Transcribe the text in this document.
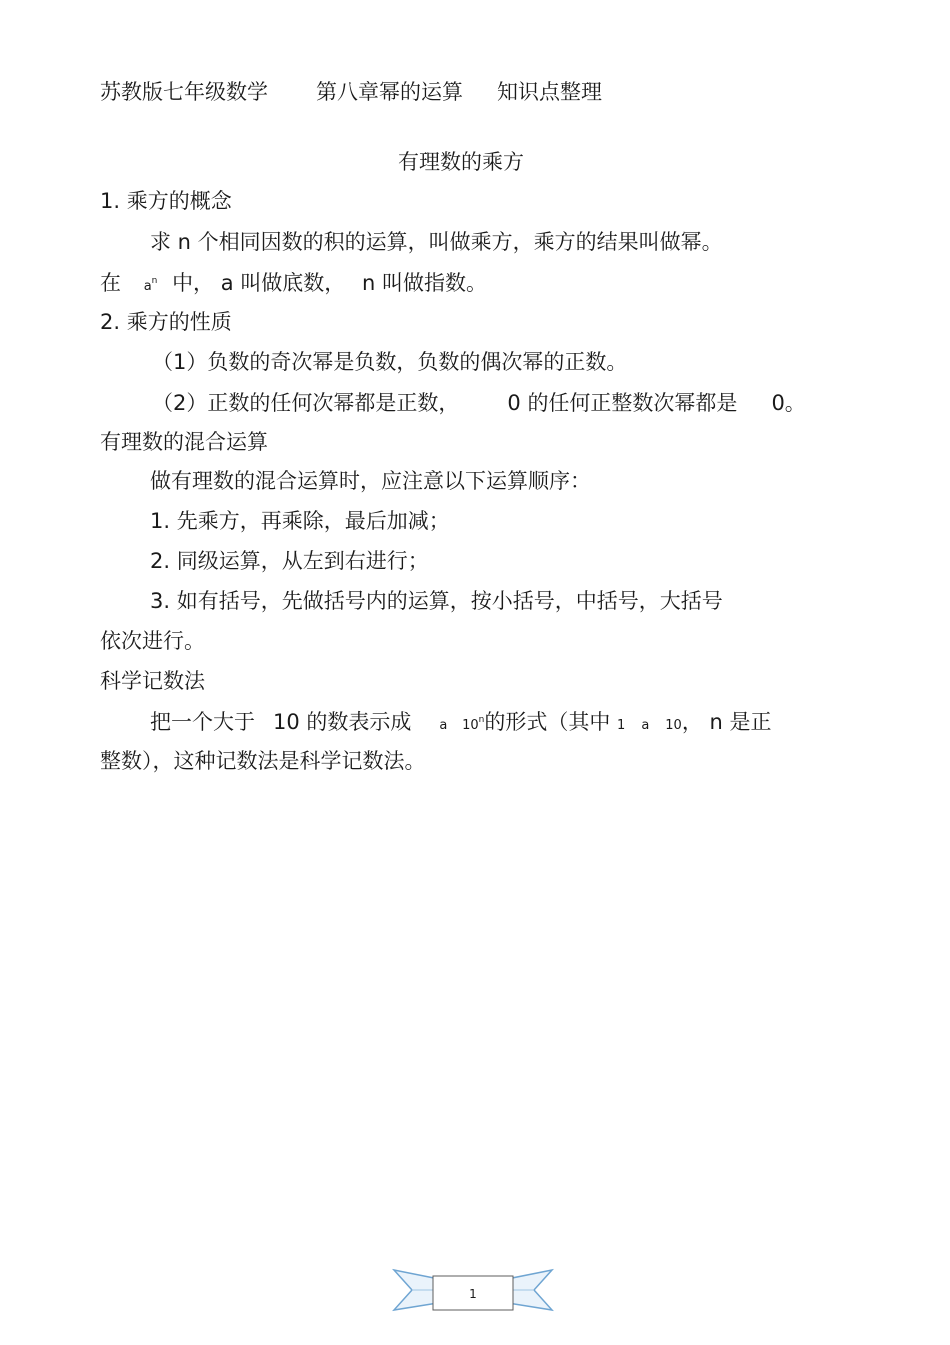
苏教版七年级数学 第八章幂的运算 知识点整理
有理数的乘方
1. 乘方的概念
求 n 个相同因数的积的运算，叫做乘方，乘方的结果叫做幂。
在 $a^n$ 中， a 叫做底数， n 叫做指数。
2. 乘方的性质
（1）负数的奇次幂是负数，负数的偶次幂的正数。
（2）正数的任何次幂都是正数， 0 的任何正整数次幂都是 0。
有理数的混合运算
做有理数的混合运算时，应注意以下运算顺序：
1. 先乘方，再乘除，最后加减；
2. 同级运算，从左到右进行；
3. 如有括号，先做括号内的运算，按小括号，中括号，大括号
依次进行。
科学记数法
把一个大于 10 的数表示成 a 10$^n$的形式（其中 1 a 10， n 是正
整数），这种记数法是科学记数法。
1
